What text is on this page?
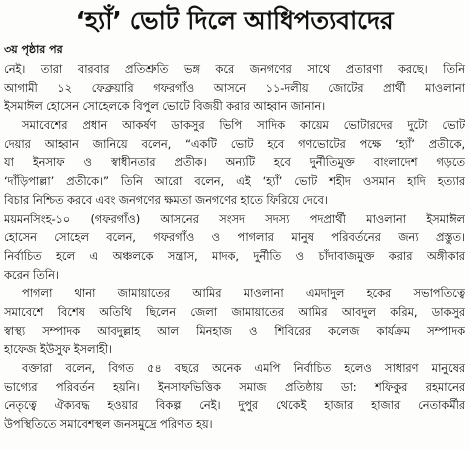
‘হ্যাঁ’ ভোট দিলে আধিপত্যবাদের
৩য় পৃষ্ঠার পর
নেই। তারা বারবার প্রতিশ্রুতি ভঙ্গ করে জনগণের সাথে প্রতারণা করছে। তিনি
আগামী ১২ ফেব্রুয়ারি গফরগাঁও আসনে ১১-দলীয় জোটের প্রার্থী মাওলানা
ইসমাঈল হোসেন সোহেলকে বিপুল ভোটে বিজয়ী করার আহ্বান জানান।
সমাবেশের প্রধান আকর্ষণ ডাকসুর ভিপি সাদিক কায়েম ভোটারদের দুটো ভোট
দেয়ার আহ্বান জানিয়ে বলেন, “একটি ভোট হবে গণভোটের পক্ষে ‘হ্যাঁ’ প্রতীকে,
যা ইনসাফ ও স্বাধীনতার প্রতীক। অন্যটি হবে দুর্নীতিমুক্ত বাংলাদেশ গড়তে
‘দাঁড়িপাল্লা’ প্রতীকে।” তিনি আরো বলেন, এই ‘হ্যাঁ’ ভোট শহীদ ওসমান হাদি হত্যার
বিচার নিশ্চিত করবে এবং জনগণের ক্ষমতা জনগণের হাতে ফিরিয়ে দেবে।
ময়মনসিংহ-১০ (গফরগাঁও) আসনের সংসদ সদস্য পদপ্রার্থী মাওলানা ইসমাঈল
হোসেন সোহেল বলেন, গফরগাঁও ও পাগলার মানুষ পরিবর্তনের জন্য প্রস্তুত।
নির্বাচিত হলে এ অঞ্চলকে সন্ত্রাস, মাদক, দুর্নীতি ও চাঁদাবাজমুক্ত করার অঙ্গীকার
করেন তিনি।
পাগলা থানা জামায়াতের আমির মাওলানা এমদাদুল হকের সভাপতিত্বে
সমাবেশে বিশেষ অতিথি ছিলেন জেলা জামায়াতের আমির আবদুল করিম, ডাকসুর
স্বাস্থ্য সম্পাদক আবদুল্লাহ আল মিনহাজ ও শিবিরের কলেজ কার্যক্রম সম্পাদক
হাফেজ ইউসুফ ইসলাহী।
বক্তারা বলেন, বিগত ৫৪ বছরে অনেক এমপি নির্বাচিত হলেও সাধারণ মানুষের
ভাগ্যের পরিবর্তন হয়নি। ইনসাফভিত্তিক সমাজ প্রতিষ্ঠায় ডা: শফিকুর রহমানের
নেতৃত্বে ঐক্যবদ্ধ হওয়ার বিকল্প নেই। দুপুর থেকেই হাজার হাজার নেতাকর্মীর
উপস্থিতিতে সমাবেশস্থল জনসমুদ্রে পরিণত হয়।
